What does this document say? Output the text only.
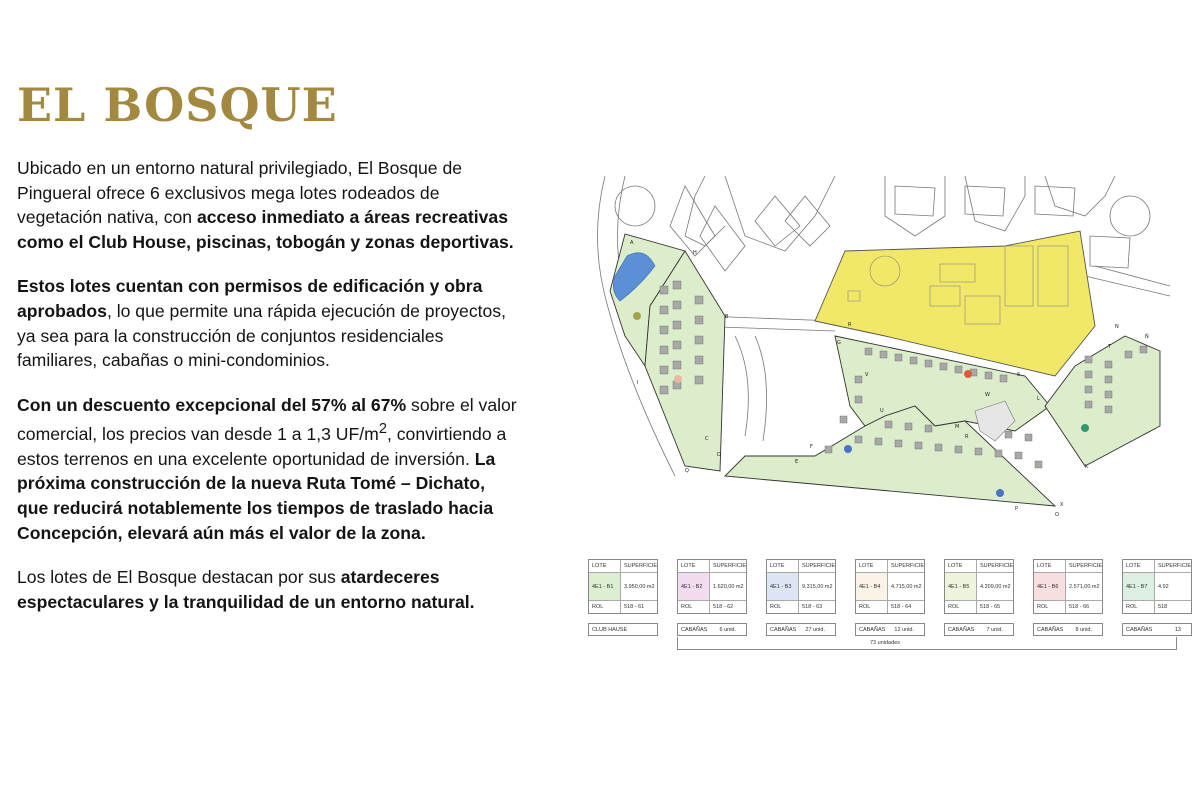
EL BOSQUE

Ubicado en un entorno natural privilegiado, El Bosque de Pingueral ofrece 6 exclusivos mega lotes rodeados de vegetación nativa, con acceso inmediato a áreas recreativas como el Club House, piscinas, tobogán y zonas deportivas.

Estos lotes cuentan con permisos de edificación y obra aprobados, lo que permite una rápida ejecución de proyectos, ya sea para la construcción de conjuntos residenciales familiares, cabañas o mini-condominios.

Con un descuento excepcional del 57% al 67% sobre el valor comercial, los precios van desde 1 a 1,3 $UF/m^2$, convirtiendo a estos terrenos en una excelente oportunidad de inversión. La próxima construcción de la nueva Ruta Tomé – Dichato, que reducirá notablemente los tiempos de traslado hacia Concepción, elevará aún más el valor de la zona.

Los lotes de El Bosque destacan por sus atardeceres espectaculares y la tranquilidad de un entorno natural.

A
B
C
D
E
F
G
H
I
K
L
M
N
Ñ
O
P
Q
R
S
T
U
V
W
X
R
LOTE	SUPERFICIE
4E1 - B1	3.950,00 m2
ROL	518 - 61
CLUB HAUSE
LOTE	SUPERFICIE
4E1 - B2	1.620,00 m2
ROL	518 - 62
CABAÑAS	6 unid.
LOTE	SUPERFICIE
4E1 - B3	9.315,00 m2
ROL	518 - 63
CABAÑAS	27 unid.
LOTE	SUPERFICIE
4E1 - B4	4.715,00 m2
ROL	518 - 64
CABAÑAS	12 unid.
LOTE	SUPERFICIE
4E1 - B5	4.209,00 m2
ROL	518 - 65
CABAÑAS	7 unid.
LOTE	SUPERFICIE
4E1 - B6	2.571,00 m2
ROL	518 - 66
CABAÑAS	8 unid.
LOTE	SUPERFICIE
4E1 - B7	4.92
ROL	518
CABAÑAS	13
73 unidades
